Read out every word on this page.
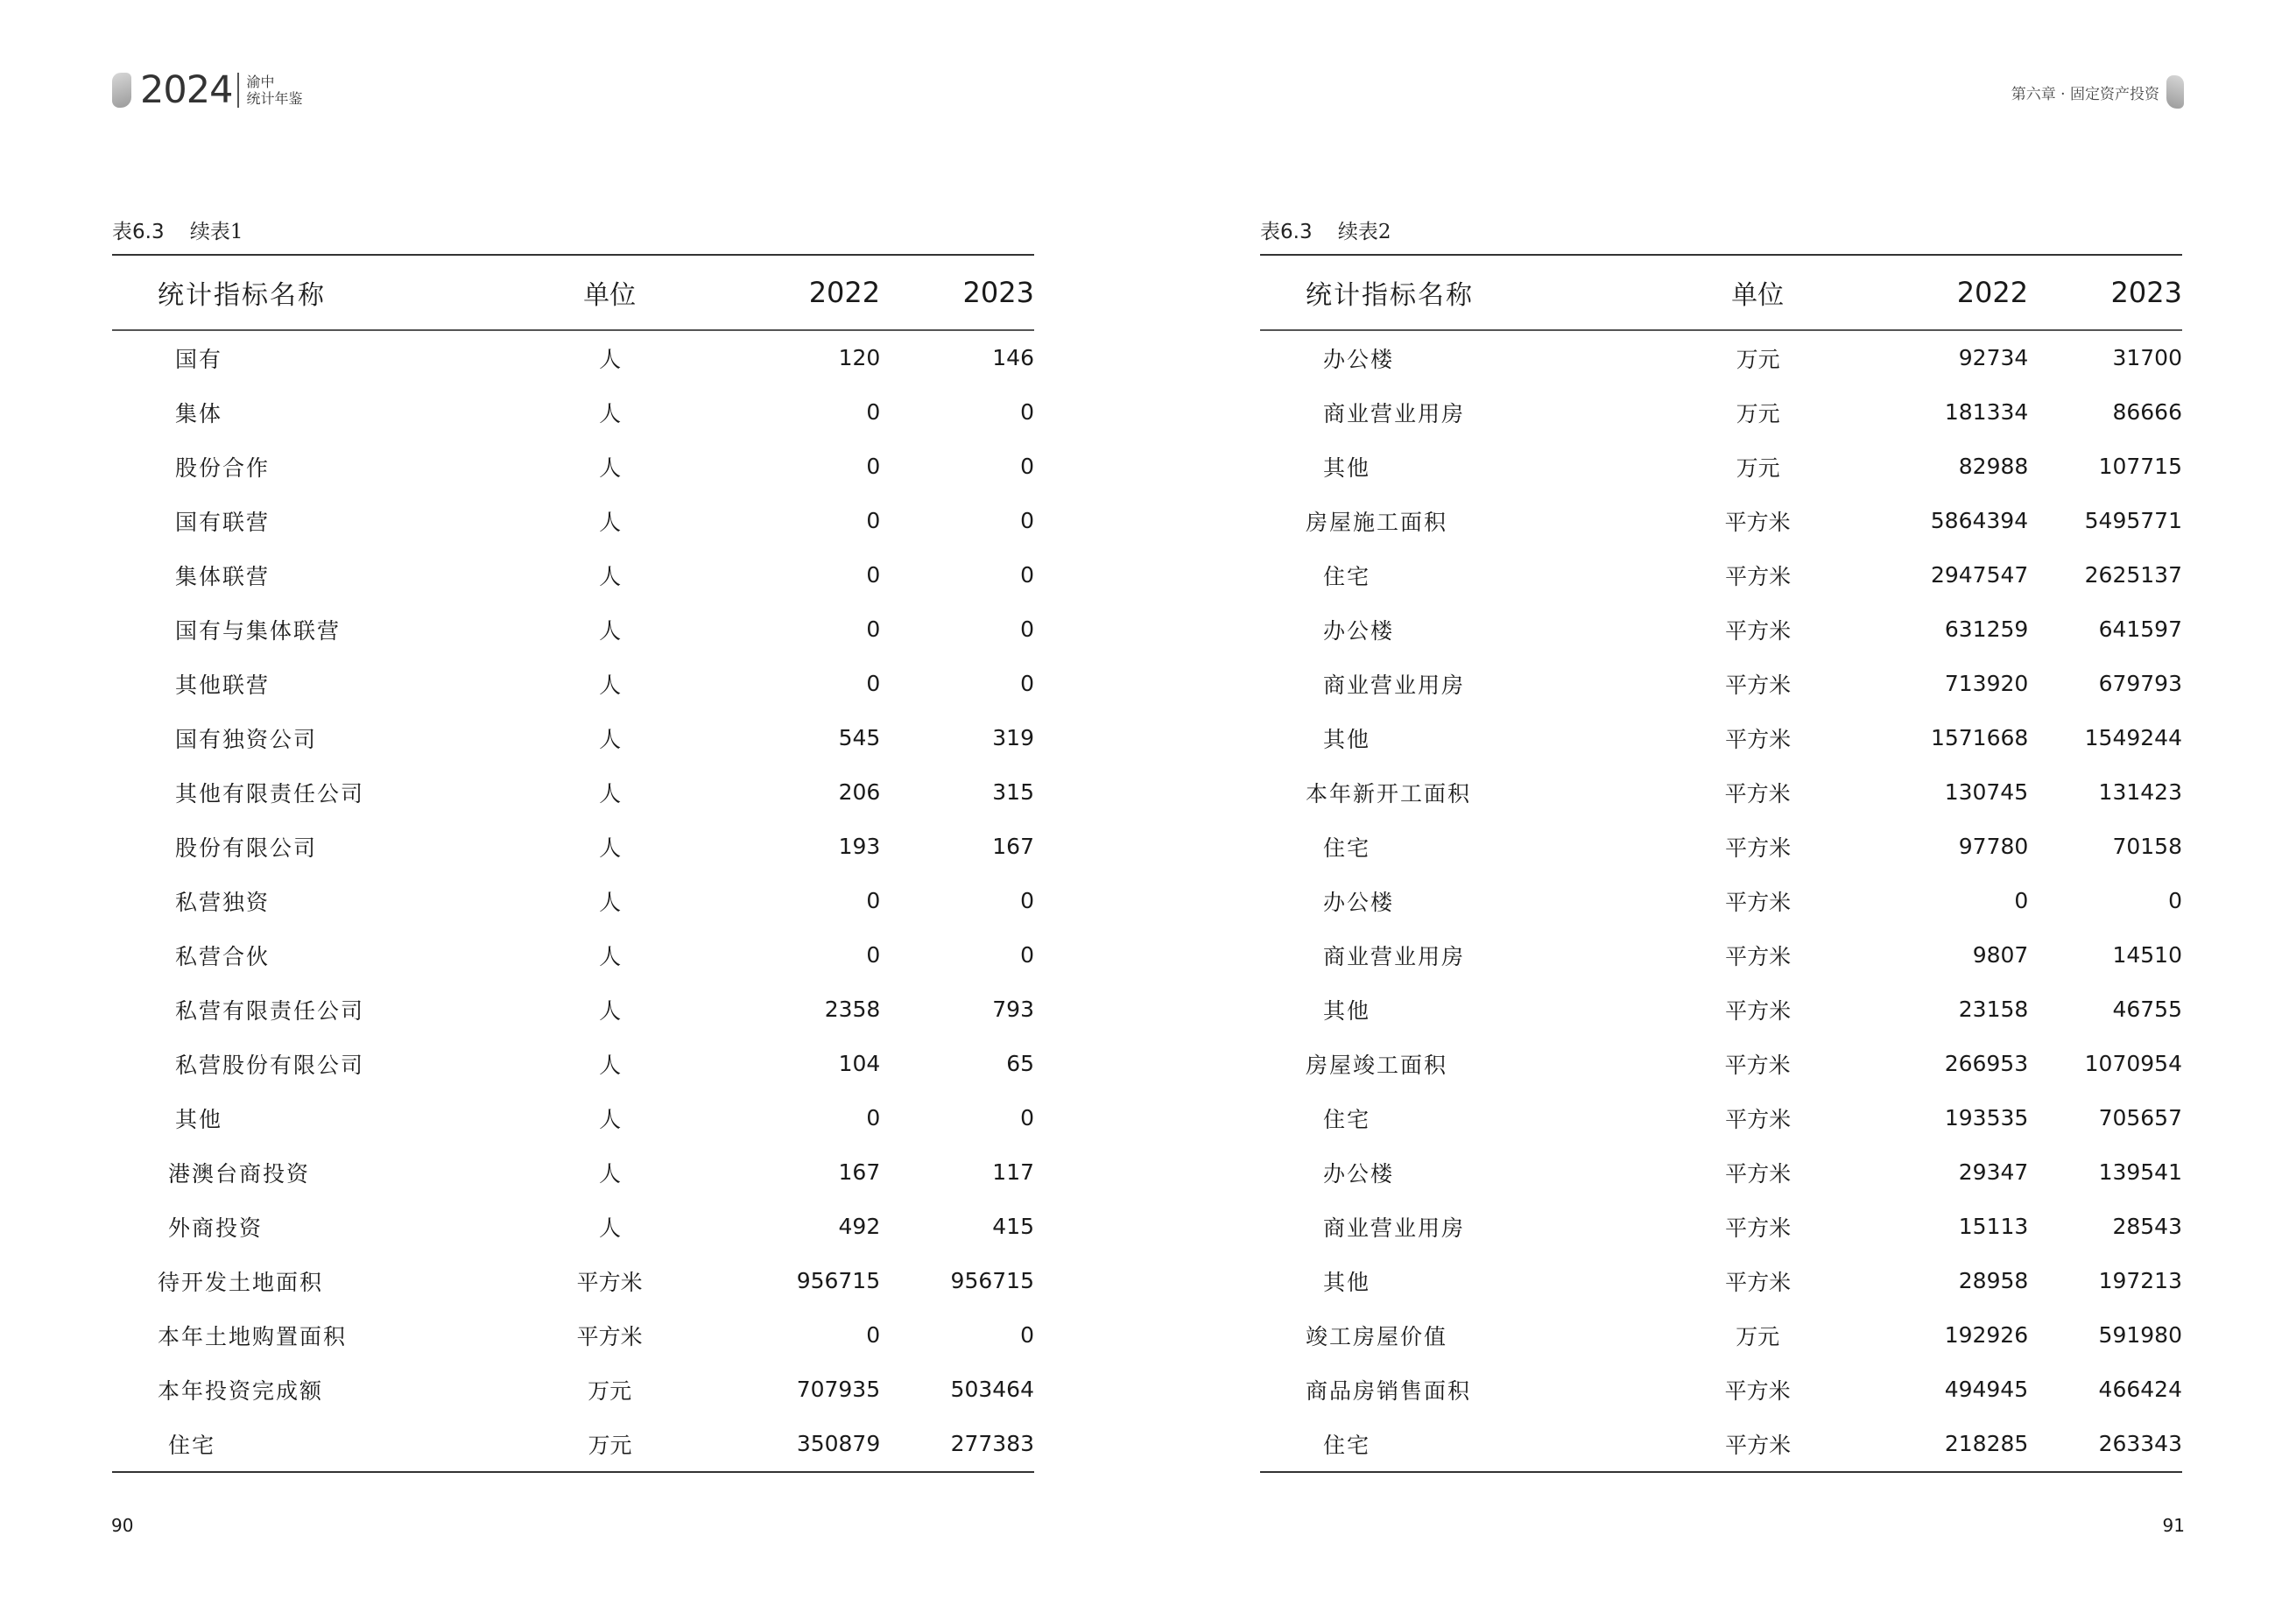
2024 渝中
统计年鉴
表6.3 续表1
统计指标名称	单位	2022	2023
国有	人	120	146
集体	人	0	0
股份合作	人	0	0
国有联营	人	0	0
集体联营	人	0	0
国有与集体联营	人	0	0
其他联营	人	0	0
国有独资公司	人	545	319
其他有限责任公司	人	206	315
股份有限公司	人	193	167
私营独资	人	0	0
私营合伙	人	0	0
私营有限责任公司	人	2358	793
私营股份有限公司	人	104	65
其他	人	0	0
港澳台商投资	人	167	117
外商投资	人	492	415
待开发土地面积	平方米	956715	956715
本年土地购置面积	平方米	0	0
本年投资完成额	万元	707935	503464
住宅	万元	350879	277383
90
第六章 · 固定资产投资
表6.3 续表2
统计指标名称	单位	2022	2023
办公楼	万元	92734	31700
商业营业用房	万元	181334	86666
其他	万元	82988	107715
房屋施工面积	平方米	5864394	5495771
住宅	平方米	2947547	2625137
办公楼	平方米	631259	641597
商业营业用房	平方米	713920	679793
其他	平方米	1571668	1549244
本年新开工面积	平方米	130745	131423
住宅	平方米	97780	70158
办公楼	平方米	0	0
商业营业用房	平方米	9807	14510
其他	平方米	23158	46755
房屋竣工面积	平方米	266953	1070954
住宅	平方米	193535	705657
办公楼	平方米	29347	139541
商业营业用房	平方米	15113	28543
其他	平方米	28958	197213
竣工房屋价值	万元	192926	591980
商品房销售面积	平方米	494945	466424
住宅	平方米	218285	263343
91
